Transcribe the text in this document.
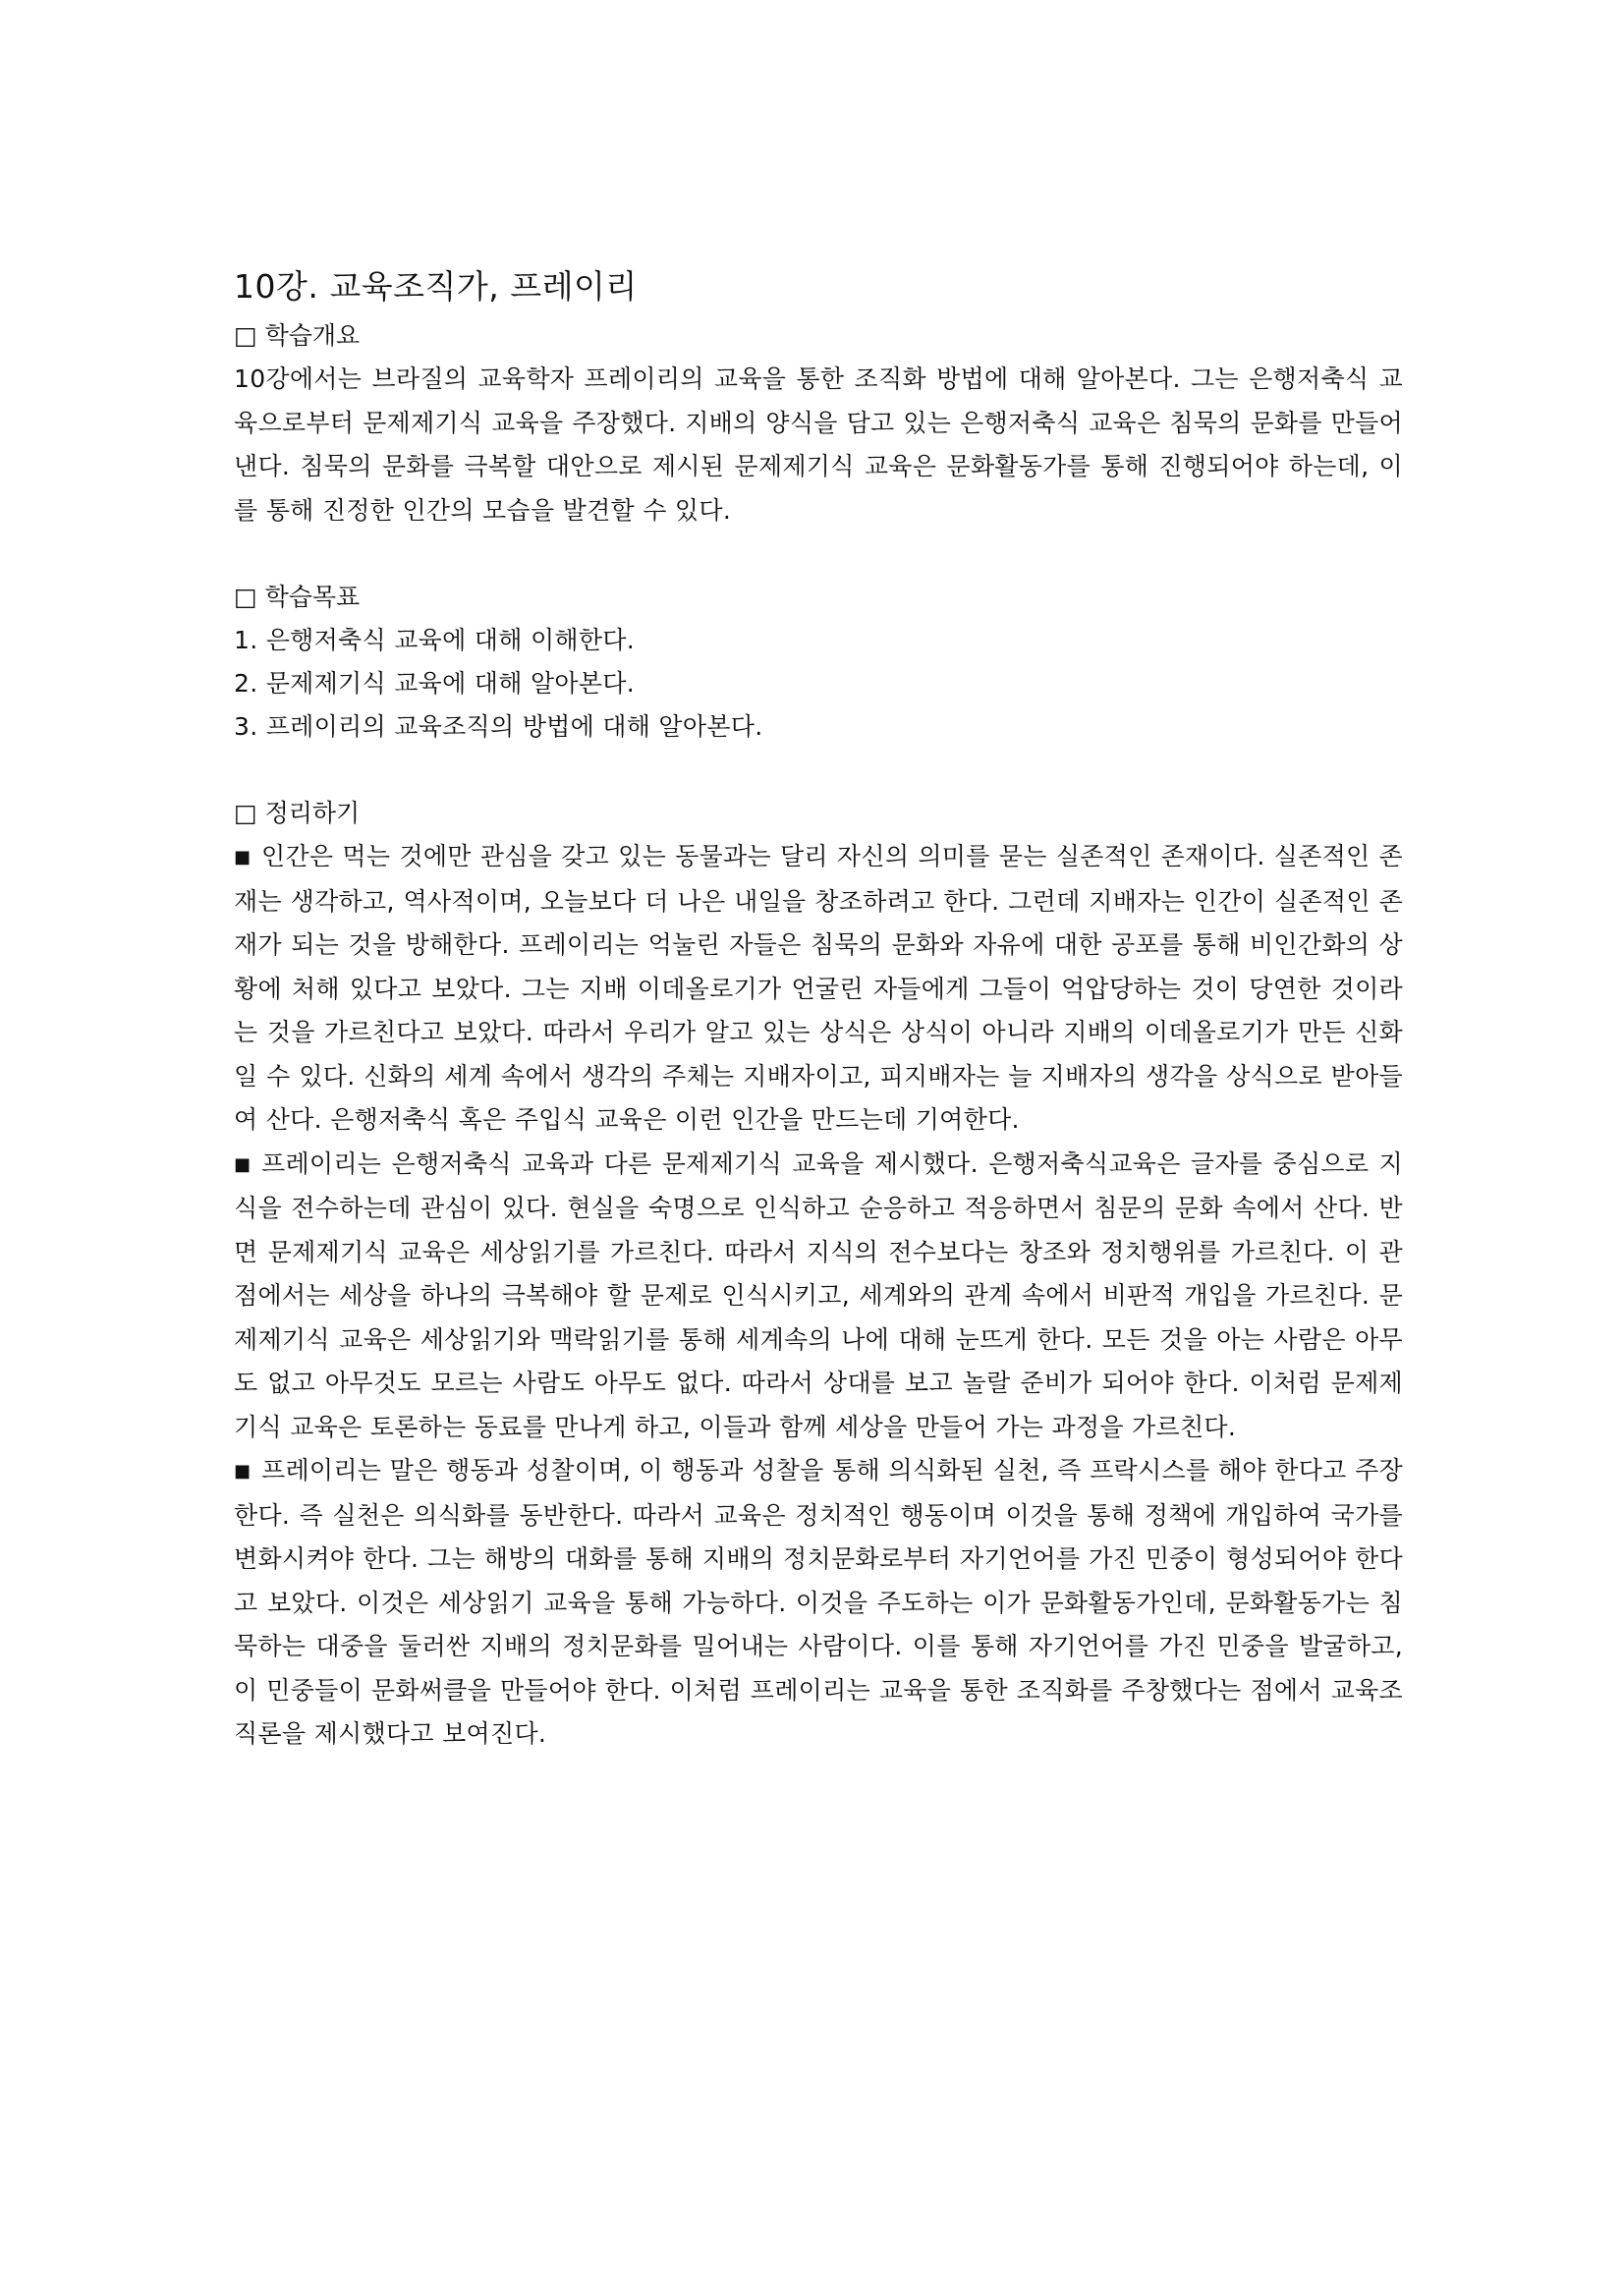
10강. 교육조직가, 프레이리

□ 학습개요

10강에서는 브라질의 교육학자 프레이리의 교육을 통한 조직화 방법에 대해 알아본다. 그는 은행저축식 교육으로부터 문제제기식 교육을 주장했다. 지배의 양식을 담고 있는 은행저축식 교육은 침묵의 문화를 만들어낸다. 침묵의 문화를 극복할 대안으로 제시된 문제제기식 교육은 문화활동가를 통해 진행되어야 하는데, 이를 통해 진정한 인간의 모습을 발견할 수 있다.

□ 학습목표

1. 은행저축식 교육에 대해 이해한다.

2. 문제제기식 교육에 대해 알아본다.

3. 프레이리의 교육조직의 방법에 대해 알아본다.

□ 정리하기

■ 인간은 먹는 것에만 관심을 갖고 있는 동물과는 달리 자신의 의미를 묻는 실존적인 존재이다. 실존적인 존재는 생각하고, 역사적이며, 오늘보다 더 나은 내일을 창조하려고 한다. 그런데 지배자는 인간이 실존적인 존재가 되는 것을 방해한다. 프레이리는 억눌린 자들은 침묵의 문화와 자유에 대한 공포를 통해 비인간화의 상황에 처해 있다고 보았다. 그는 지배 이데올로기가 언굴린 자들에게 그들이 억압당하는 것이 당연한 것이라는 것을 가르친다고 보았다. 따라서 우리가 알고 있는 상식은 상식이 아니라 지배의 이데올로기가 만든 신화일 수 있다. 신화의 세계 속에서 생각의 주체는 지배자이고, 피지배자는 늘 지배자의 생각을 상식으로 받아들여 산다. 은행저축식 혹은 주입식 교육은 이런 인간을 만드는데 기여한다.

■ 프레이리는 은행저축식 교육과 다른 문제제기식 교육을 제시했다. 은행저축식교육은 글자를 중심으로 지식을 전수하는데 관심이 있다. 현실을 숙명으로 인식하고 순응하고 적응하면서 침문의 문화 속에서 산다. 반면 문제제기식 교육은 세상읽기를 가르친다. 따라서 지식의 전수보다는 창조와 정치행위를 가르친다. 이 관점에서는 세상을 하나의 극복해야 할 문제로 인식시키고, 세계와의 관계 속에서 비판적 개입을 가르친다. 문제제기식 교육은 세상읽기와 맥락읽기를 통해 세계속의 나에 대해 눈뜨게 한다. 모든 것을 아는 사람은 아무도 없고 아무것도 모르는 사람도 아무도 없다. 따라서 상대를 보고 놀랄 준비가 되어야 한다. 이처럼 문제제기식 교육은 토론하는 동료를 만나게 하고, 이들과 함께 세상을 만들어 가는 과정을 가르친다.

■ 프레이리는 말은 행동과 성찰이며, 이 행동과 성찰을 통해 의식화된 실천, 즉 프락시스를 해야 한다고 주장한다. 즉 실천은 의식화를 동반한다. 따라서 교육은 정치적인 행동이며 이것을 통해 정책에 개입하여 국가를 변화시켜야 한다. 그는 해방의 대화를 통해 지배의 정치문화로부터 자기언어를 가진 민중이 형성되어야 한다고 보았다. 이것은 세상읽기 교육을 통해 가능하다. 이것을 주도하는 이가 문화활동가인데, 문화활동가는 침묵하는 대중을 둘러싼 지배의 정치문화를 밀어내는 사람이다. 이를 통해 자기언어를 가진 민중을 발굴하고, 이 민중들이 문화써클을 만들어야 한다. 이처럼 프레이리는 교육을 통한 조직화를 주창했다는 점에서 교육조직론을 제시했다고 보여진다.
